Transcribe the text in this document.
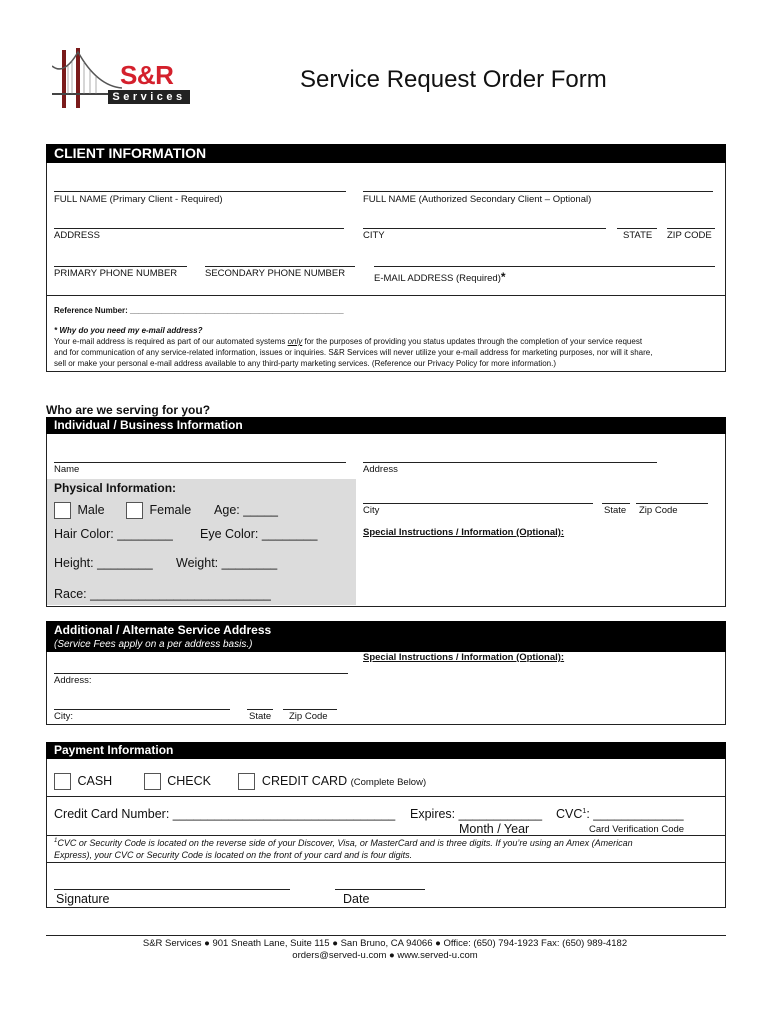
S&R
Services
Service Request Order Form
CLIENT INFORMATION
FULL NAME (Primary Client - Required)	FULL NAME (Authorized Secondary Client – Optional)
ADDRESS	CITY	STATE ZIP CODE
PRIMARY PHONE NUMBER	SECONDARY PHONE NUMBER	E-MAIL ADDRESS (Required)*
Reference Number: ________________________________________________
* Why do you need my e-mail address?
Your e-mail address is required as part of our automated systems only for the purposes of providing you status updates through the completion of your service request
and for communication of any service-related information, issues or inquiries. S&R Services will never utilize your e-mail address for marketing purposes, nor will it share,
sell or make your personal e-mail address available to any third-party marketing services. (Reference our Privacy Policy for more information.)
Who are we serving for you?
Individual / Business Information
Name	Address
Physical Information:
Male	Female Age: _____	City	State Zip Code
Hair Color: ________ Eye Color: ________	Special Instructions / Information (Optional):
Height: ________ Weight: ________
Race: __________________________
Additional / Alternate Service Address
(Service Fees apply on a per address basis.)
Special Instructions / Information (Optional):
Address:
City:	State Zip Code
Payment Information
CASH	CHECK	CREDIT CARD (Complete Below)
Credit Card Number: ________________________________ Expires: ____________ CVC$^1$: _____________
Month / Year	Card Verification Code
$^1$CVC or Security Code is located on the reverse side of your Discover, Visa, or MasterCard and is three digits. If you’re using an Amex (American
Express), your CVC or Security Code is located on the front of your card and is four digits.
Signature	Date
S&R Services ● 901 Sneath Lane, Suite 115 ● San Bruno, CA 94066 ● Office: (650) 794-1923 Fax: (650) 989-4182
orders@served-u.com ● www.served-u.com
